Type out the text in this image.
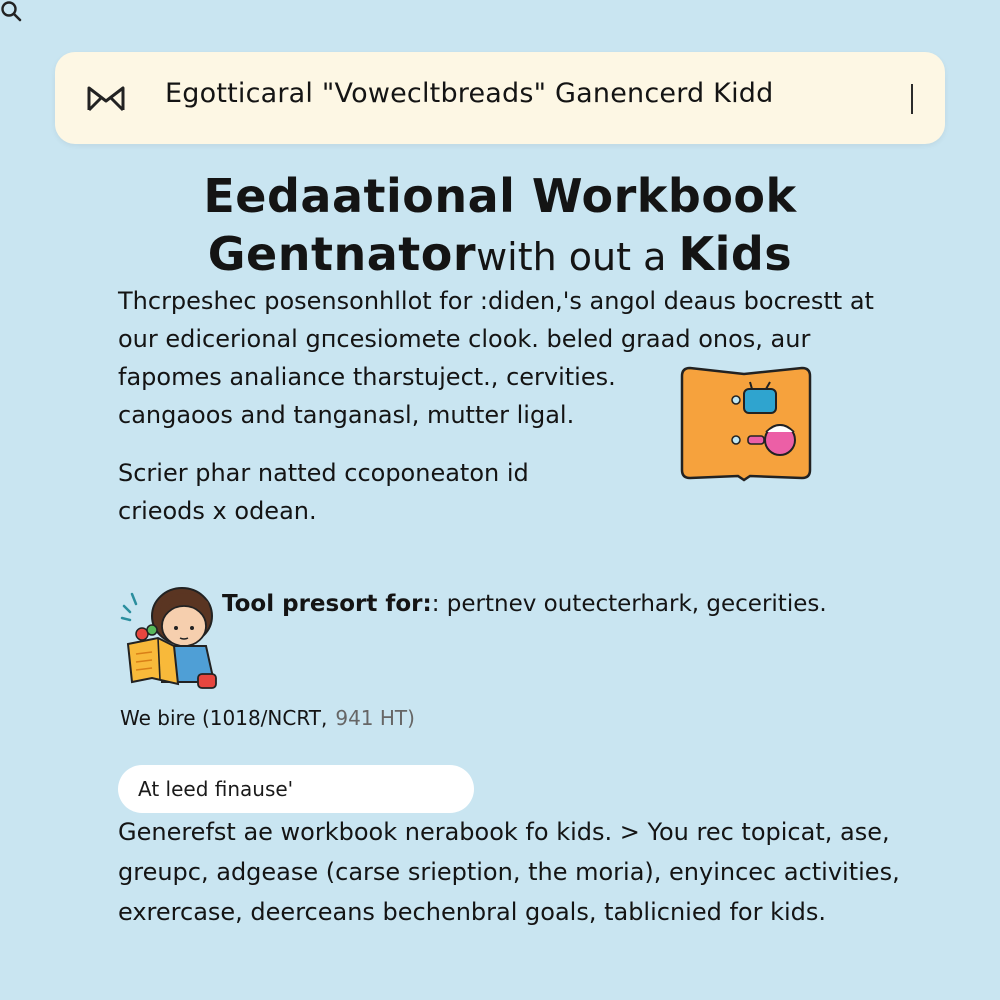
Egotticaral "Vowecltbreads" Ganencerd Kidd
Eedaational Workbook
Gentnatorwith out a Kids
Thcrpeshec posensonhllot for :diden,'s angol deaus bocrestt at
our edicerional gпcesiomete clook. beled graad onos, aur
fapomes analiance tharstuject., cervities.
cangaoos and tanganasl, mutter ligal.
Scrier phar natted ccoponeaton id
crieods x odean.
Tool presort for:: pertnev outecterhark, gecerities.
We bire (1018/NCRT, 941 HT)
At leed finause'
Generefst ae workbook nerabook fo kids. > You rec topicat, ase,
greupc, adgease (carse srieption, the moria), enyincec activities,
exrercase, deerceans bechenbral goals, tablicnied for kids.
